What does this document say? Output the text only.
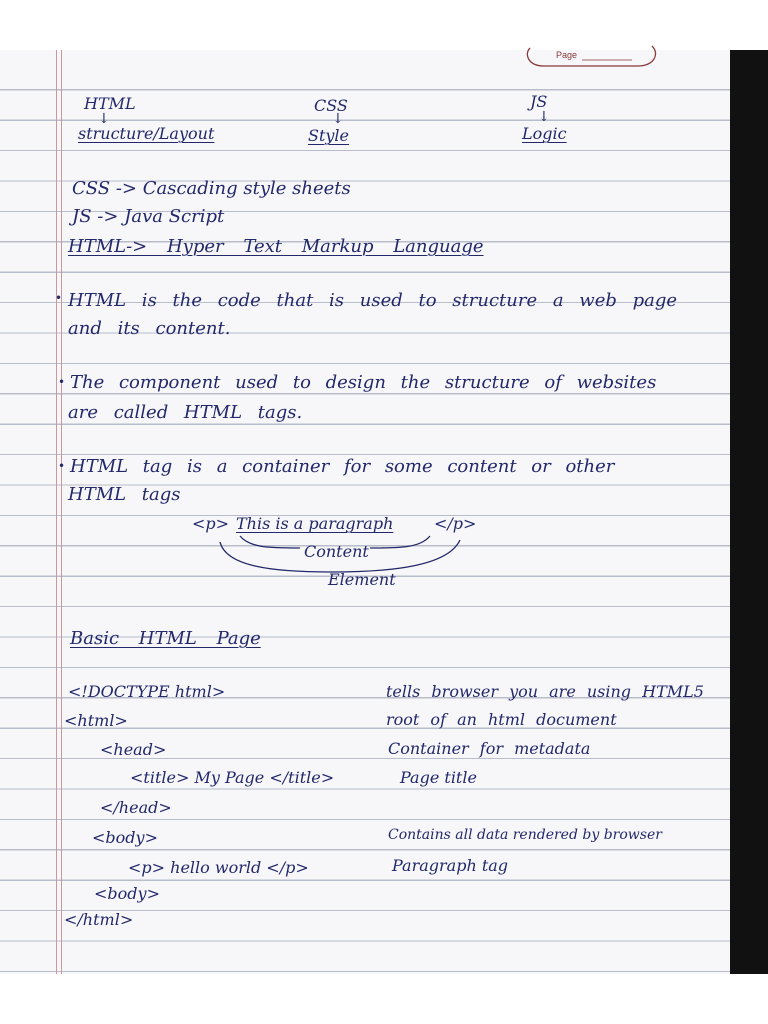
Page
HTML
↓
structure/Layout
CSS
↓
Style
JS
↓
Logic
CSS -> Cascading style sheets
JS -> Java Script
HTML-> Hyper Text Markup Language
• HTML is the code that is used to structure a web page
and its content.
• The component used to design the structure of websites
are called HTML tags.
• HTML tag is a container for some content or other
HTML tags
<p> This is a paragraph	</p>
Content
Element
Basic HTML Page
<!DOCTYPE html>	tells browser you are using HTML5
<html>	root of an html document
<head>	Container for metadata
<title> My Page </title>	Page title
</head>
<body>	Contains all data rendered by browser
<p> hello world </p>	Paragraph tag
<body>
</html>
